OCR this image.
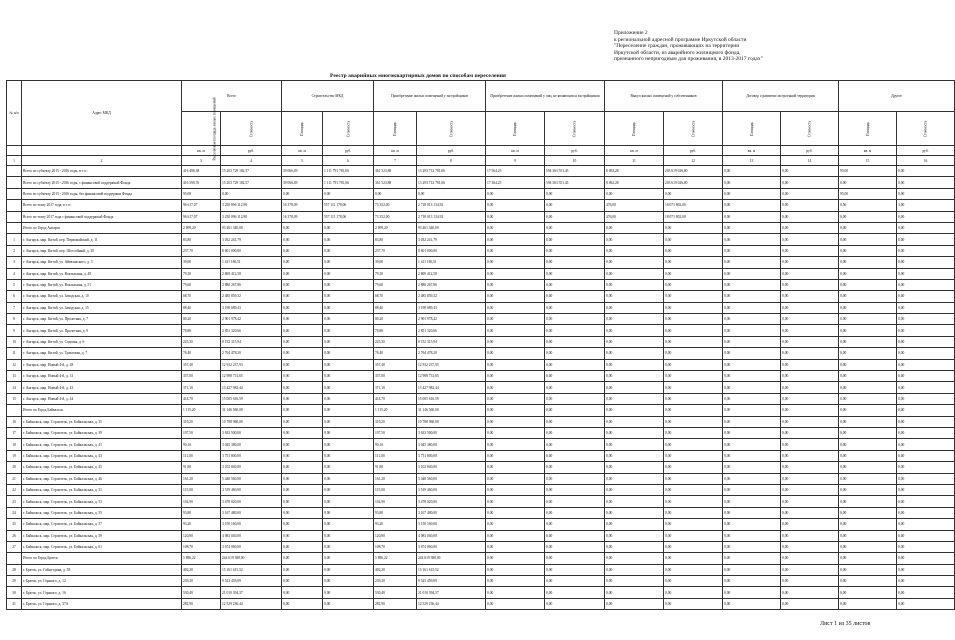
Приложение 2
к региональной адресной программе Иркутской области
"Переселение граждан, проживающих на территории
Иркутской области, из аварийного жилищного фонда,
признанного непригодным для проживания, в 2013-2017 годах"
Реестр аварийных многоквартирных домов по способам переселения
№ п/п	Адрес МКД	Всего		Строительство МКД		Приобретение жилых помещений у застройщиков		Приобретение жилых помещений у лиц, не являющихся застройщиком		Выкуп жилых помещений у собственников		Договор о развитии застроенной территории		Другое	
		Расселяемая площадь жилых помещений	Стоимость	Площадь	Стоимость	Площадь	Стоимость	Площадь	Стоимость	Площадь	Стоимость	Площадь	Стоимость	Площадь	Стоимость
		кв. м	руб.	кв. м	руб.	кв. м	руб.	кв. м	руб.	кв. м	руб.	кв. м	руб.	кв. м	руб.
1	2	3	4	5	6	7	8	9	10	11	12	13	14	15	16
	Всего по субъекту 2015 - 2016 годы, в т.ч.:	416 486,38	15 203 729 182,57	39 066,49	1 111 791 781,06	361 523,88	13 293 712 781,06	17 564,25	594 363 551,45	8 492,28	203 619 026,00	0,00	0,00	95,00	0,00
	Всего по субъекту 2015 - 2016 годы, с финансовой поддержкой Фонда	416 390,76	15 203 729 182,57	39 066,49	1 111 791 781,06	361 523,88	13 293 712 781,06	17 364,25	594 363 551,45	8 492,28	203 619 026,00	0,00	0,00	0,00	0,00
	Всего по субъекту 2015 - 2016 годы, без финансовой поддержки Фонда	95,00	0,00	0,00	0,00	0,00	0,00	0,00	0,00	0,00	0,00	0,00	0,00	95,00	0,00
	Всего по этапу 2017 года, в т.ч.:	96 617,07	3 250 096 112,98	16 378,09	557 111 178,06	73 352,00	2 718 013 134,92	0,00	0,00	476,00	18 071 802,00	0,00	0,00	0,56	3,00
	Всего по этапу 2017 года с финансовой поддержкой Фонда	96 617,07	3 250 096 112,98	16 378,09	557 111 178,06	73 352,00	2 718 013 134,92	0,00	0,00	476,00	18 071 802,00	0,00	0,00	0,00	0,00
	Итого по Город Ангарск	2 699,20	93 461 340,00	0,00	0,00	2 699,20	93 461 340,00	0,00	0,00	0,00	0,00	0,00	0,00	0,00	0,00
1	г. Ангарск, мкр. Китой, пер. Первомайский, д. 11	83,80	3 032 241,79	0,00	0,00	83,80	3 032 241,79	0,00	0,00	0,00	0,00	0,00	0,00	0,00	0,00
2	г. Ангарск, мкр. Китой, пер. Шоссейный, д. 30	237,70	8 601 000,00	0,00	0,00	237,70	8 601 000,00	0,00	0,00	0,00	0,00	0,00	0,00	0,00	0,00
3	г. Ангарск, мкр. Китой, ул. Айвазовского, д. 3	39,00	1 411 186,51	0,00	0,00	39,00	1 411 186,51	0,00	0,00	0,00	0,00	0,00	0,00	0,00	0,00
4	г. Ангарск, мкр. Китой, ул. Вокзальная, д. 49	79,30	2 869 412,58	0,00	0,00	79,30	2 869 412,58	0,00	0,00	0,00	0,00	0,00	0,00	0,00	0,00
5	г. Ангарск, мкр. Китой, ул. Вокзальная, д. 51	79,60	2 880 267,86	0,00	0,00	79,60	2 880 267,86	0,00	0,00	0,00	0,00	0,00	0,00	0,00	0,00
6	г. Ангарск, мкр. Китой, ул. Заводская, д. 10	68,70	2 485 859,32	0,00	0,00	68,70	2 485 859,32	0,00	0,00	0,00	0,00	0,00	0,00	0,00	0,00
7	г. Ангарск, мкр. Китой, ул. Заводская, д. 15	88,40	3 198 689,43	0,00	0,00	88,40	3 198 689,43	0,00	0,00	0,00	0,00	0,00	0,00	0,00	0,00
8	г. Ангарск, мкр. Китой, ул. Пролетная, д. 7	80,20	2 901 978,42	0,00	0,00	80,20	2 901 978,42	0,00	0,00	0,00	0,00	0,00	0,00	0,00	0,00
9	г. Ангарск, мкр. Китой, ул. Пролетная, д. 9	78,80	2 851 320,66	0,00	0,00	78,80	2 851 320,66	0,00	0,00	0,00	0,00	0,00	0,00	0,00	0,00
10	г. Ангарск, мкр. Китой, ул. Садовая, д. 6	225,30	8 152 315,94	0,00	0,00	225,30	8 152 315,94	0,00	0,00	0,00	0,00	0,00	0,00	0,00	0,00
11	г. Ангарск, мкр. Китой, ул. Трактовая, д. 7	76,40	2 764 478,20	0,00	0,00	76,40	2 764 478,20	0,00	0,00	0,00	0,00	0,00	0,00	0,00	0,00
12	г. Ангарск, мкр. Новый 4-й, д. 28	357,40	12 932 237,93	0,00	0,00	357,40	12 932 237,93	0,00	0,00	0,00	0,00	0,00	0,00	0,00	0,00
13	г. Ангарск, мкр. Новый 4-й, д. 31	357,00	12 988 731,65	0,00	0,00	357,00	12 988 731,65	0,00	0,00	0,00	0,00	0,00	0,00	0,00	0,00
14	г. Ангарск, мкр. Новый 4-й, д. 43	371,10	13 427 982,44	0,00	0,00	371,10	13 427 982,44	0,00	0,00	0,00	0,00	0,00	0,00	0,00	0,00
15	г. Ангарск, мкр. Новый 4-й, д. 44	414,70	15 005 616,59	0,00	0,00	414,70	15 005 616,59	0,00	0,00	0,00	0,00	0,00	0,00	0,00	0,00
	Итого по Город Байкальск	1 115,20	31 146 560,00	0,00	0,00	1 115,20	31 146 560,00	0,00	0,00	0,00	0,00	0,00	0,00	0,00	0,00
16	г. Байкальск, мкр. Строитель, ул. Байкальская, д. 35	319,20	10 788 960,00	0,00	0,00	319,20	10 788 960,00	0,00	0,00	0,00	0,00	0,00	0,00	0,00	0,00
17	г. Байкальск, мкр. Строитель, ул. Байкальская, д. 39	107,50	3 633 500,00	0,00	0,00	107,50	3 633 500,00	0,00	0,00	0,00	0,00	0,00	0,00	0,00	0,00
18	г. Байкальск, мкр. Строитель, ул. Байкальская, д. 41	90,10	3 045 380,00	0,00	0,00	90,10	3 045 380,00	0,00	0,00	0,00	0,00	0,00	0,00	0,00	0,00
19	г. Байкальск, мкр. Строитель, ул. Байкальская, д. 43	111,00	3 751 800,00	0,00	0,00	111,00	3 751 800,00	0,00	0,00	0,00	0,00	0,00	0,00	0,00	0,00
20	г. Байкальск, мкр. Строитель, ул. Байкальская, д. 45	91,80	3 102 840,00	0,00	0,00	91,80	3 102 840,00	0,00	0,00	0,00	0,00	0,00	0,00	0,00	0,00
21	г. Байкальск, мкр. Строитель, ул. Байкальская, д. 46	161,20	5 448 560,00	0,00	0,00	161,20	5 448 560,00	0,00	0,00	0,00	0,00	0,00	0,00	0,00	0,00
22	г. Байкальск, мкр. Строитель, ул. Байкальская, д. 51	115,00	3 519 460,00	0,00	0,00	115,00	3 519 460,00	0,00	0,00	0,00	0,00	0,00	0,00	0,00	0,00
23	г. Байкальск, мкр. Строитель, ул. Байкальская, д. 53	102,90	3 478 020,00	0,00	0,00	102,90	3 478 020,00	0,00	0,00	0,00	0,00	0,00	0,00	0,00	0,00
24	г. Байкальск, мкр. Строитель, ул. Байкальская, д. 55	93,80	3 167 480,00	0,00	0,00	93,80	3 167 480,00	0,00	0,00	0,00	0,00	0,00	0,00	0,00	0,00
25	г. Байкальск, мкр. Строитель, ул. Байкальская, д. 57	93,20	3 150 160,00	0,00	0,00	93,20	3 150 160,00	0,00	0,00	0,00	0,00	0,00	0,00	0,00	0,00
26	г. Байкальск, мкр. Строитель, ул. Байкальская, д. 59	120,80	4 083 040,00	0,00	0,00	120,80	4 083 040,00	0,00	0,00	0,00	0,00	0,00	0,00	0,00	0,00
27	г. Байкальск, мкр. Строитель, ул. Байкальская, д. 61	108,70	3 674 060,00	0,00	0,00	108,70	3 674 060,00	0,00	0,00	0,00	0,00	0,00	0,00	0,00	0,00
	Итого по Город Братск	5 896,22	244 619 388,00	0,00	0,00	5 896,22	244 619 388,00	0,00	0,00	0,00	0,00	0,00	0,00	0,00	0,00
28	г. Братск, ул. Гайнутдина, д. 58	402,20	15 161 615,52	0,00	0,00	402,20	15 161 615,52	0,00	0,00	0,00	0,00	0,00	0,00	0,00	0,00
29	г. Братск, ул. Горького, д. 12	239,20	9 523 459,09	0,00	0,00	239,20	9 523 459,09	0,00	0,00	0,00	0,00	0,00	0,00	0,00	0,00
30	г. Братск, ул. Горького, д. 16	530,40	21 010 394,37	0,00	0,00	530,40	21 010 394,37	0,00	0,00	0,00	0,00	0,00	0,00	0,00	0,00
31	г. Братск, ул. Горького, д. 37А	282,90	12 529 236,44	0,00	0,00	282,90	12 529 236,44	0,00	0,00	0,00	0,00	0,00	0,00	0,00	0,00
Лист 1 из 35 листов
